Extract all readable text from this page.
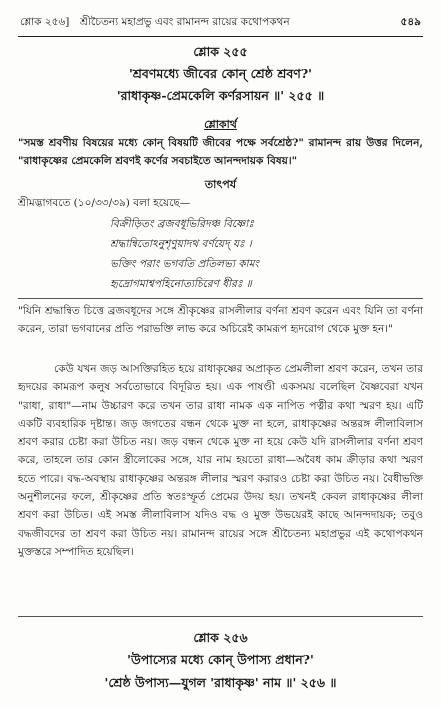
শ্লোক ২৫৬]	শ্রীচৈতন্য মহাপ্রভু এবং রামানন্দ রায়ের কথোপকথন	৫৪৯
শ্লোক ২৫৫
'শ্রবণমধ্যে জীবের কোন্ শ্রেষ্ঠ শ্রবণ?'
'রাধাকৃষ্ণ-প্রেমকেলি কর্ণরসায়ন ॥' ২৫৫ ॥
শ্লোকার্থ
"সমস্ত শ্রবণীয় বিষয়ের মধ্যে কোন্ বিষয়টি জীবের পক্ষে সর্বশ্রেষ্ঠ?" রামানন্দ রায় উত্তর দিলেন, "রাধাকৃষ্ণের প্রেমকেলি শ্রবণই কর্ণের সবচাইতে আনন্দদায়ক বিষয়।"
তাৎপর্য
শ্রীমদ্ভাগবতে (১০/৩৩/৩৯) বলা হয়েছে—
বিক্রীড়িতং ব্রজবধূভিরিদঞ্চ বিষ্ণোঃ
শ্রদ্ধান্বিতোঽনুশৃণুয়াদথ বর্ণয়েদ্ যঃ ।
ভক্তিং পরাং ভগবতি প্রতিলভ্য কামং
হৃদ্রোগমাশ্বপহিনোত্যচিরেণ ধীরঃ ॥
"যিনি শ্রদ্ধান্বিত চিত্তে ব্রজবধূদের সঙ্গে শ্রীকৃষ্ণের রাসলীলার বর্ণনা শ্রবণ করেন এবং যিনি তা বর্ণনা করেন, তারা ভগবানের প্রতি পরাভক্তি লাভ করে অচিরেই কামরূপ হৃদরোগ থেকে মুক্ত হন।"
কেউ যখন জড় আসক্তিরহিত হয়ে রাধাকৃষ্ণের অপ্রাকৃত প্রেমলীলা শ্রবণ করেন, তখন তার হৃদয়ের কামরূপ কলুষ সর্বতোভাবে বিদূরিত হয়। এক পাষণ্ডী একসময় বলেছিল বৈষ্ণবেরা যখন "রাধা, রাধা"—নাম উচ্চারণ করে তখন তার রাধা নামক এক নাপিত পত্নীর কথা স্মরণ হয়। এটি একটি ব্যবহারিক দৃষ্টান্ত। জড় জগতের বন্ধন থেকে মুক্ত না হলে, রাধাকৃষ্ণের অন্তরঙ্গ লীলাবিলাস শ্রবণ করার চেষ্টা করা উচিত নয়। জড় বন্ধন থেকে মুক্ত না হয়ে কেউ যদি রাসলীলার বর্ণনা শ্রবণ করে, তাহলে তার কোন স্ত্রীলোকের সঙ্গে, যার নাম হয়তো রাধা—অবৈধ কাম ক্রীড়ার কথা স্মরণ হতে পারে। বদ্ধ-অবস্থায় রাধাকৃষ্ণের অন্তরঙ্গ লীলার স্মরণ করারও চেষ্টা করা উচিত নয়। বৈধীভক্তি অনুশীলনের ফলে, শ্রীকৃষ্ণের প্রতি স্বতঃস্ফূর্ত প্রেমের উদয় হয়। তখনই কেবল রাধাকৃষ্ণের লীলা শ্রবণ করা উচিত। এই সমস্ত লীলাবিলাস যদিও বদ্ধ ও মুক্ত উভয়েরই কাছে আনন্দদায়ক; তবুও বদ্ধজীবদের তা শ্রবণ করা উচিত নয়। রামানন্দ রায়ের সঙ্গে শ্রীচৈতন্য মহাপ্রভুর এই কথোপকথন মুক্তস্তরে সম্পাদিত হয়েছিল।
শ্লোক ২৫৬
'উপাস্যের মধ্যে কোন্ উপাস্য প্রধান?'
'শ্রেষ্ঠ উপাস্য—যুগল 'রাধাকৃষ্ণ' নাম ॥' ২৫৬ ॥
